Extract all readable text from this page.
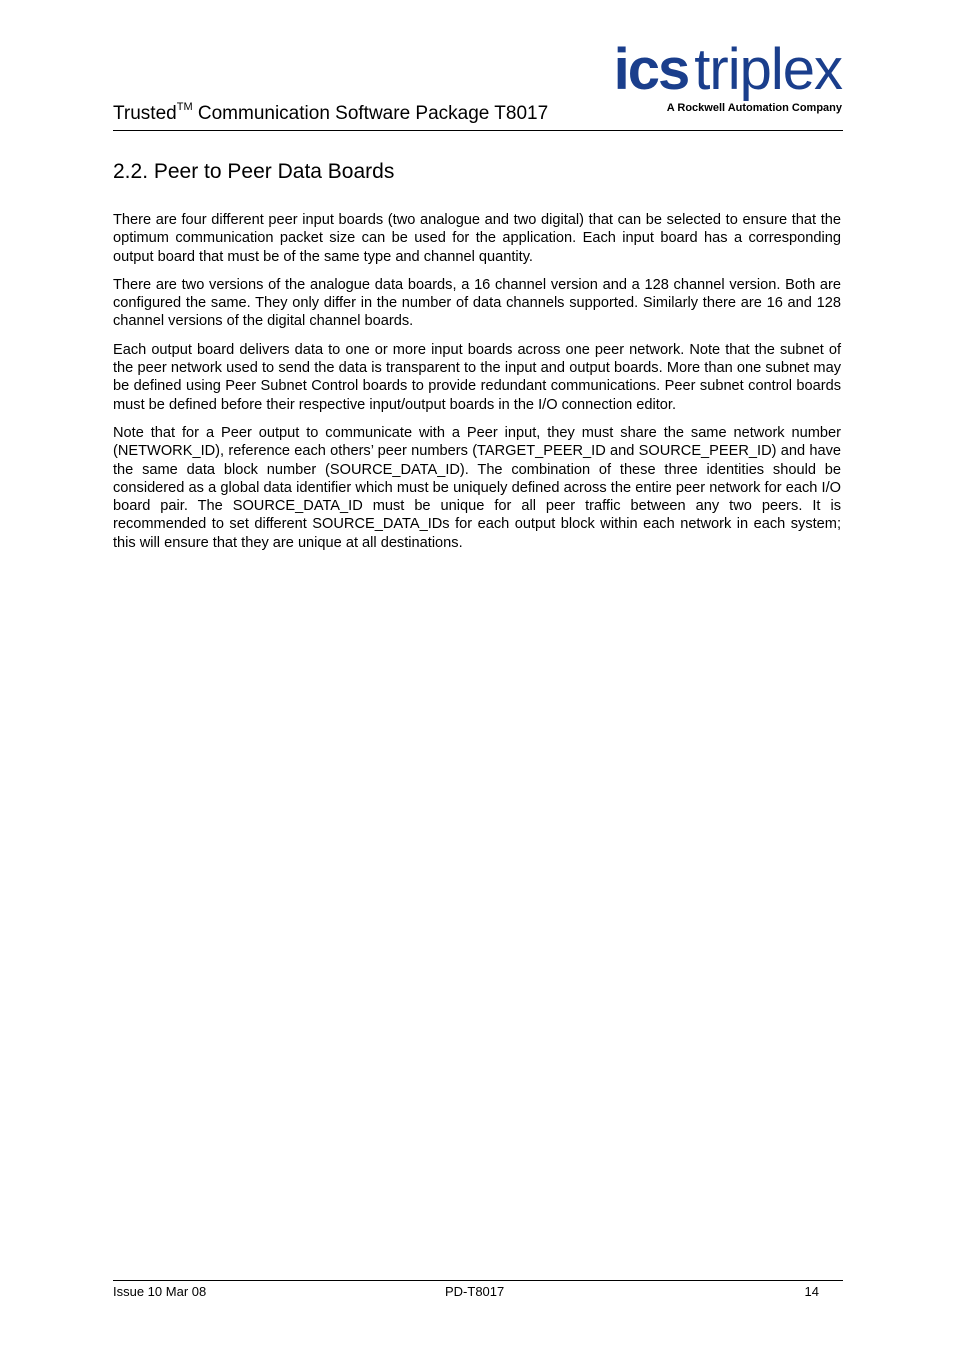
Trusted™ Communication Software Package T8017
ics triplex
A Rockwell Automation Company
2.2. Peer to Peer Data Boards

There are four different peer input boards (two analogue and two digital) that can be selected to ensure that the optimum communication packet size can be used for the application. Each input board has a corresponding output board that must be of the same type and channel quantity.

There are two versions of the analogue data boards, a 16 channel version and a 128 channel version. Both are configured the same. They only differ in the number of data channels supported. Similarly there are 16 and 128 channel versions of the digital channel boards.

Each output board delivers data to one or more input boards across one peer network. Note that the subnet of the peer network used to send the data is transparent to the input and output boards. More than one subnet may be defined using Peer Subnet Control boards to provide redundant communications. Peer subnet control boards must be defined before their respective input/output boards in the I/O connection editor.

Note that for a Peer output to communicate with a Peer input, they must share the same network number (NETWORK_ID), reference each others’ peer numbers (TARGET_PEER_ID and SOURCE_PEER_ID) and have the same data block number (SOURCE_DATA_ID). The combination of these three identities should be considered as a global data identifier which must be uniquely defined across the entire peer network for each I/O board pair. The SOURCE_DATA_ID must be unique for all peer traffic between any two peers. It is recommended to set different SOURCE_DATA_IDs for each output block within each network in each system; this will ensure that they are unique at all destinations.

Issue 10 Mar 08	PD-T8017	14
